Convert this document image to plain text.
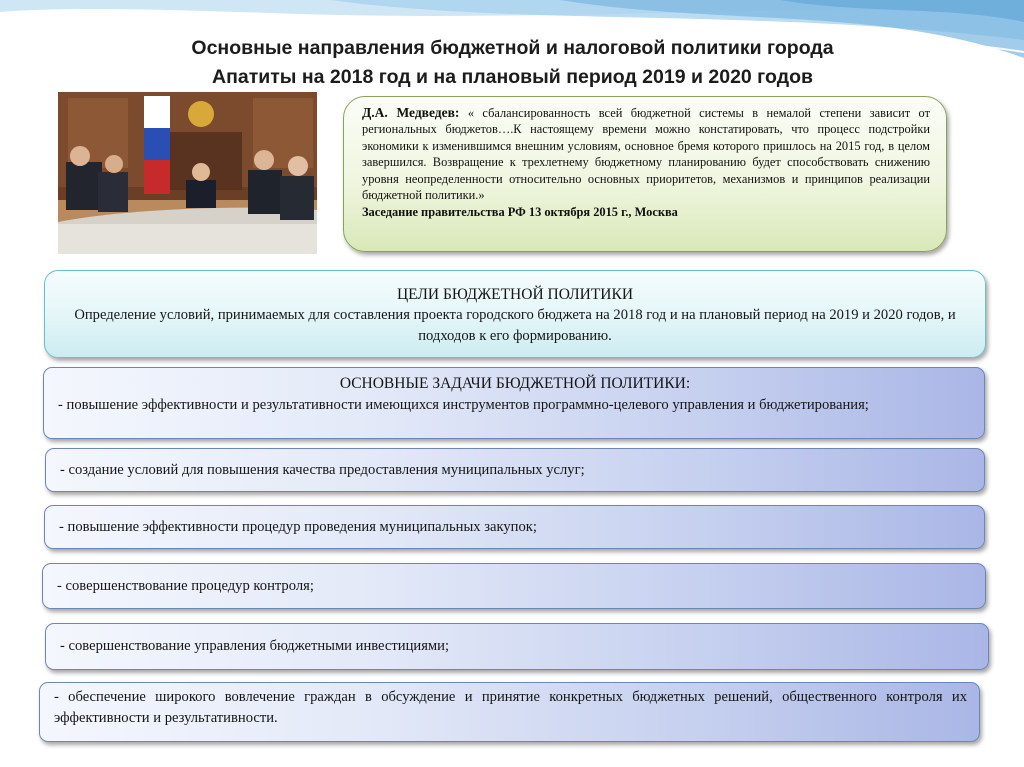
Основные направления бюджетной и налоговой политики города
Апатиты на 2018 год и на плановый период 2019 и 2020 годов
Д.А. Медведев: « сбалансированность всей бюджетной системы в немалой степени зависит от региональных бюджетов….К настоящему времени можно констатировать, что процесс подстройки экономики к изменившимся внешним условиям, основное бремя которого пришлось на 2015 год, в целом завершился. Возвращение к трехлетнему бюджетному планированию будет способствовать снижению уровня неопределенности относительно основных приоритетов, механизмов и принципов реализации бюджетной политики.»
Заседание правительства РФ 13 октября 2015 г., Москва
ЦЕЛИ БЮДЖЕТНОЙ ПОЛИТИКИ
Определение условий, принимаемых для составления проекта городского бюджета на 2018 год и на плановый период на 2019 и 2020 годов, и подходов к его формированию.
ОСНОВНЫЕ ЗАДАЧИ БЮДЖЕТНОЙ ПОЛИТИКИ:
- повышение эффективности и результативности имеющихся инструментов программно-целевого управления и бюджетирования;
- создание условий для повышения качества предоставления муниципальных услуг;
- повышение эффективности процедур проведения муниципальных закупок;
- совершенствование процедур контроля;
- совершенствование управления бюджетными инвестициями;
- обеспечение широкого вовлечение граждан в обсуждение и принятие конкретных бюджетных решений, общественного контроля их эффективности и результативности.
